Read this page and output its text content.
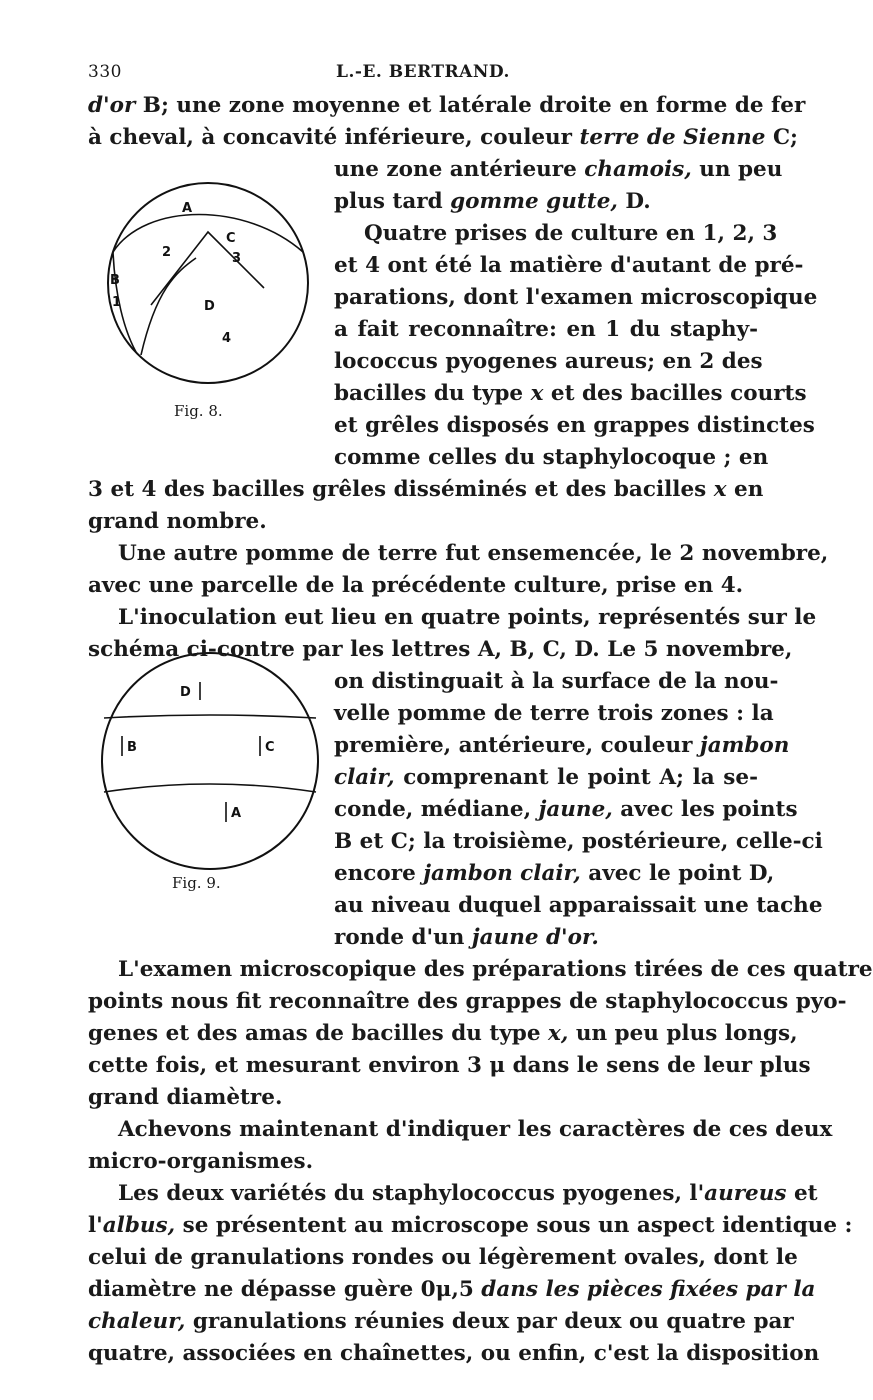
330	L.-E. BERTRAND.
A
C
2	3
B
1	D
4
Fig. 8.
D
B	C
A
Fig. 9.
d'or B; une zone moyenne et latérale droite en forme de fer
à cheval, à concavité inférieure, couleur terre de Sienne C;
une zone antérieure chamois, un peu
plus tard gomme gutte, D.
Quatre prises de culture en 1, 2, 3
et 4 ont été la matière d'autant de pré-
parations, dont l'examen microscopique
a fait reconnaître: en 1 du staphy-
lococcus pyogenes aureus; en 2 des
bacilles du type x et des bacilles courts
et grêles disposés en grappes distinctes
comme celles du staphylocoque ; en
3 et 4 des bacilles grêles disséminés et des bacilles x en
grand nombre.
Une autre pomme de terre fut ensemencée, le 2 novembre,
avec une parcelle de la précédente culture, prise en 4.
L'inoculation eut lieu en quatre points, représentés sur le
schéma ci-contre par les lettres A, B, C, D. Le 5 novembre,
on distinguait à la surface de la nou-
velle pomme de terre trois zones : la
première, antérieure, couleur jambon
clair, comprenant le point A; la se-
conde, médiane, jaune, avec les points
B et C; la troisième, postérieure, celle-ci
encore jambon clair, avec le point D,
au niveau duquel apparaissait une tache
ronde d'un jaune d'or.
L'examen microscopique des préparations tirées de ces quatre
points nous fit reconnaître des grappes de staphylococcus pyo-
genes et des amas de bacilles du type x, un peu plus longs,
cette fois, et mesurant environ 3 μ dans le sens de leur plus
grand diamètre.
Achevons maintenant d'indiquer les caractères de ces deux
micro-organismes.
Les deux variétés du staphylococcus pyogenes, l'aureus et
l'albus, se présentent au microscope sous un aspect identique :
celui de granulations rondes ou légèrement ovales, dont le
diamètre ne dépasse guère 0μ,5 dans les pièces fixées par la
chaleur, granulations réunies deux par deux ou quatre par
quatre, associées en chaînettes, ou enfin, c'est la disposition
